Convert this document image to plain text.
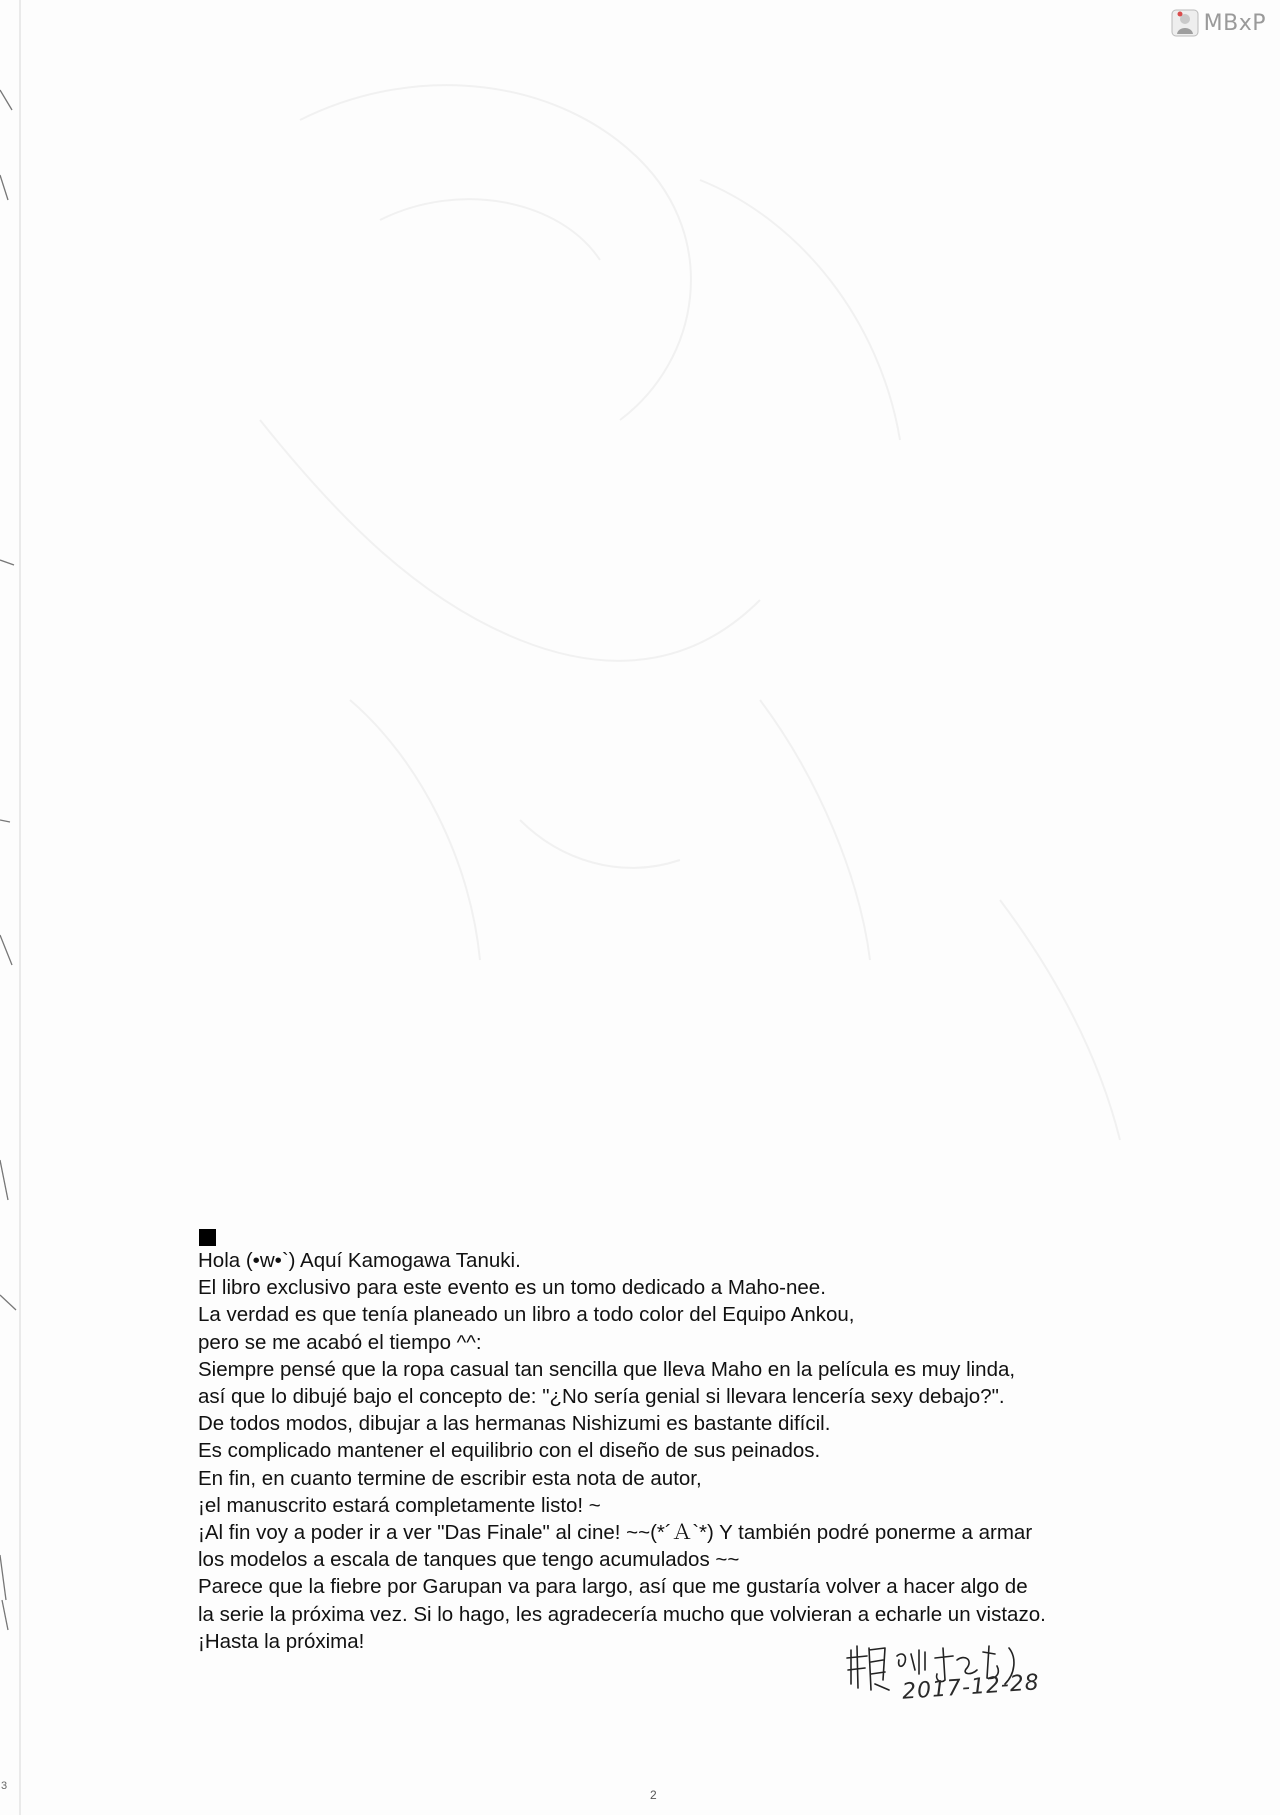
MBxP
Hola (•w•`) Aquí Kamogawa Tanuki.
El libro exclusivo para este evento es un tomo dedicado a Maho-nee.
La verdad es que tenía planeado un libro a todo color del Equipo Ankou,
pero se me acabó el tiempo ^^:
Siempre pensé que la ropa casual tan sencilla que lleva Maho en la película es muy linda,
así que lo dibujé bajo el concepto de: "¿No sería genial si llevara lencería sexy debajo?".
De todos modos, dibujar a las hermanas Nishizumi es bastante difícil.
Es complicado mantener el equilibrio con el diseño de sus peinados.
En fin, en cuanto termine de escribir esta nota de autor,
¡el manuscrito estará completamente listo! ~
¡Al fin voy a poder ir a ver "Das Finale" al cine! ~~(*´Ａ`*) Y también podré ponerme a armar
los modelos a escala de tanques que tengo acumulados ~~
Parece que la fiebre por Garupan va para largo, así que me gustaría volver a hacer algo de
la serie la próxima vez. Si lo hago, les agradecería mucho que volvieran a echarle un vistazo.
¡Hasta la próxima!
2017-12-28
2
3
